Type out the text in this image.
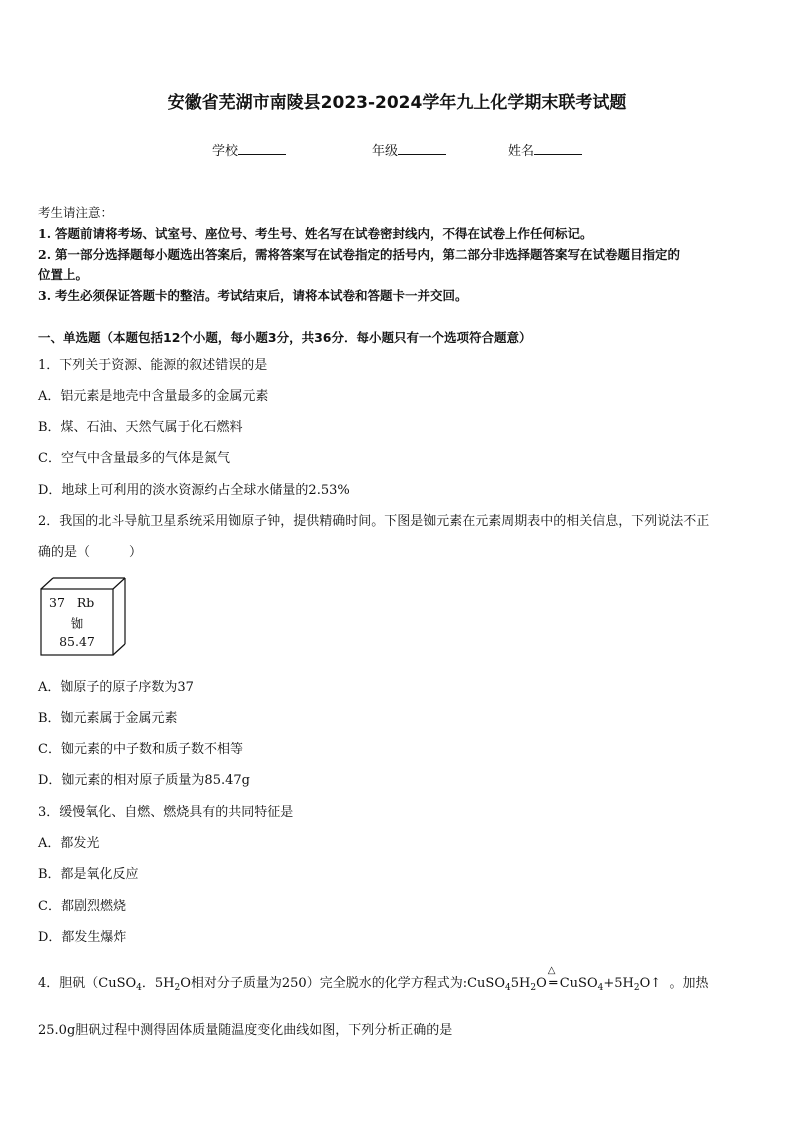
安徽省芜湖市南陵县2023-2024学年九上化学期末联考试题
学校	年级	姓名
考生请注意：
1. 答题前请将考场、试室号、座位号、考生号、姓名写在试卷密封线内，不得在试卷上作任何标记。
2. 第一部分选择题每小题选出答案后，需将答案写在试卷指定的括号内，第二部分非选择题答案写在试卷题目指定的
位置上。
3. 考生必须保证答题卡的整洁。考试结束后，请将本试卷和答题卡一并交回。
一、单选题（本题包括12个小题，每小题3分，共36分．每小题只有一个选项符合题意）
1．下列关于资源、能源的叙述错误的是
A．铝元素是地壳中含量最多的金属元素
B．煤、石油、天然气属于化石燃料
C．空气中含量最多的气体是氮气
D．地球上可利用的淡水资源约占全球水储量的2.53%
2．我国的北斗导航卫星系统采用铷原子钟，提供精确时间。下图是铷元素在元素周期表中的相关信息，下列说法不正
确的是（　　　）
37 Rb
铷
85.47
A．铷原子的原子序数为37
B．铷元素属于金属元素
C．铷元素的中子数和质子数不相等
D．铷元素的相对原子质量为85.47g
3．缓慢氧化、自燃、燃烧具有的共同特征是
A．都发光
B．都是氧化反应
C．都剧烈燃烧
D．都发生爆炸
4．胆矾（CuSO$_4$．$5H_2O$相对分子质量为250）完全脱水的化学方程式为$:CuSO_45H_2O$
△
═ $CuSO_4+5H_2O↑$ 。加热
25.0g胆矾过程中测得固体质量随温度变化曲线如图，下列分析正确的是
